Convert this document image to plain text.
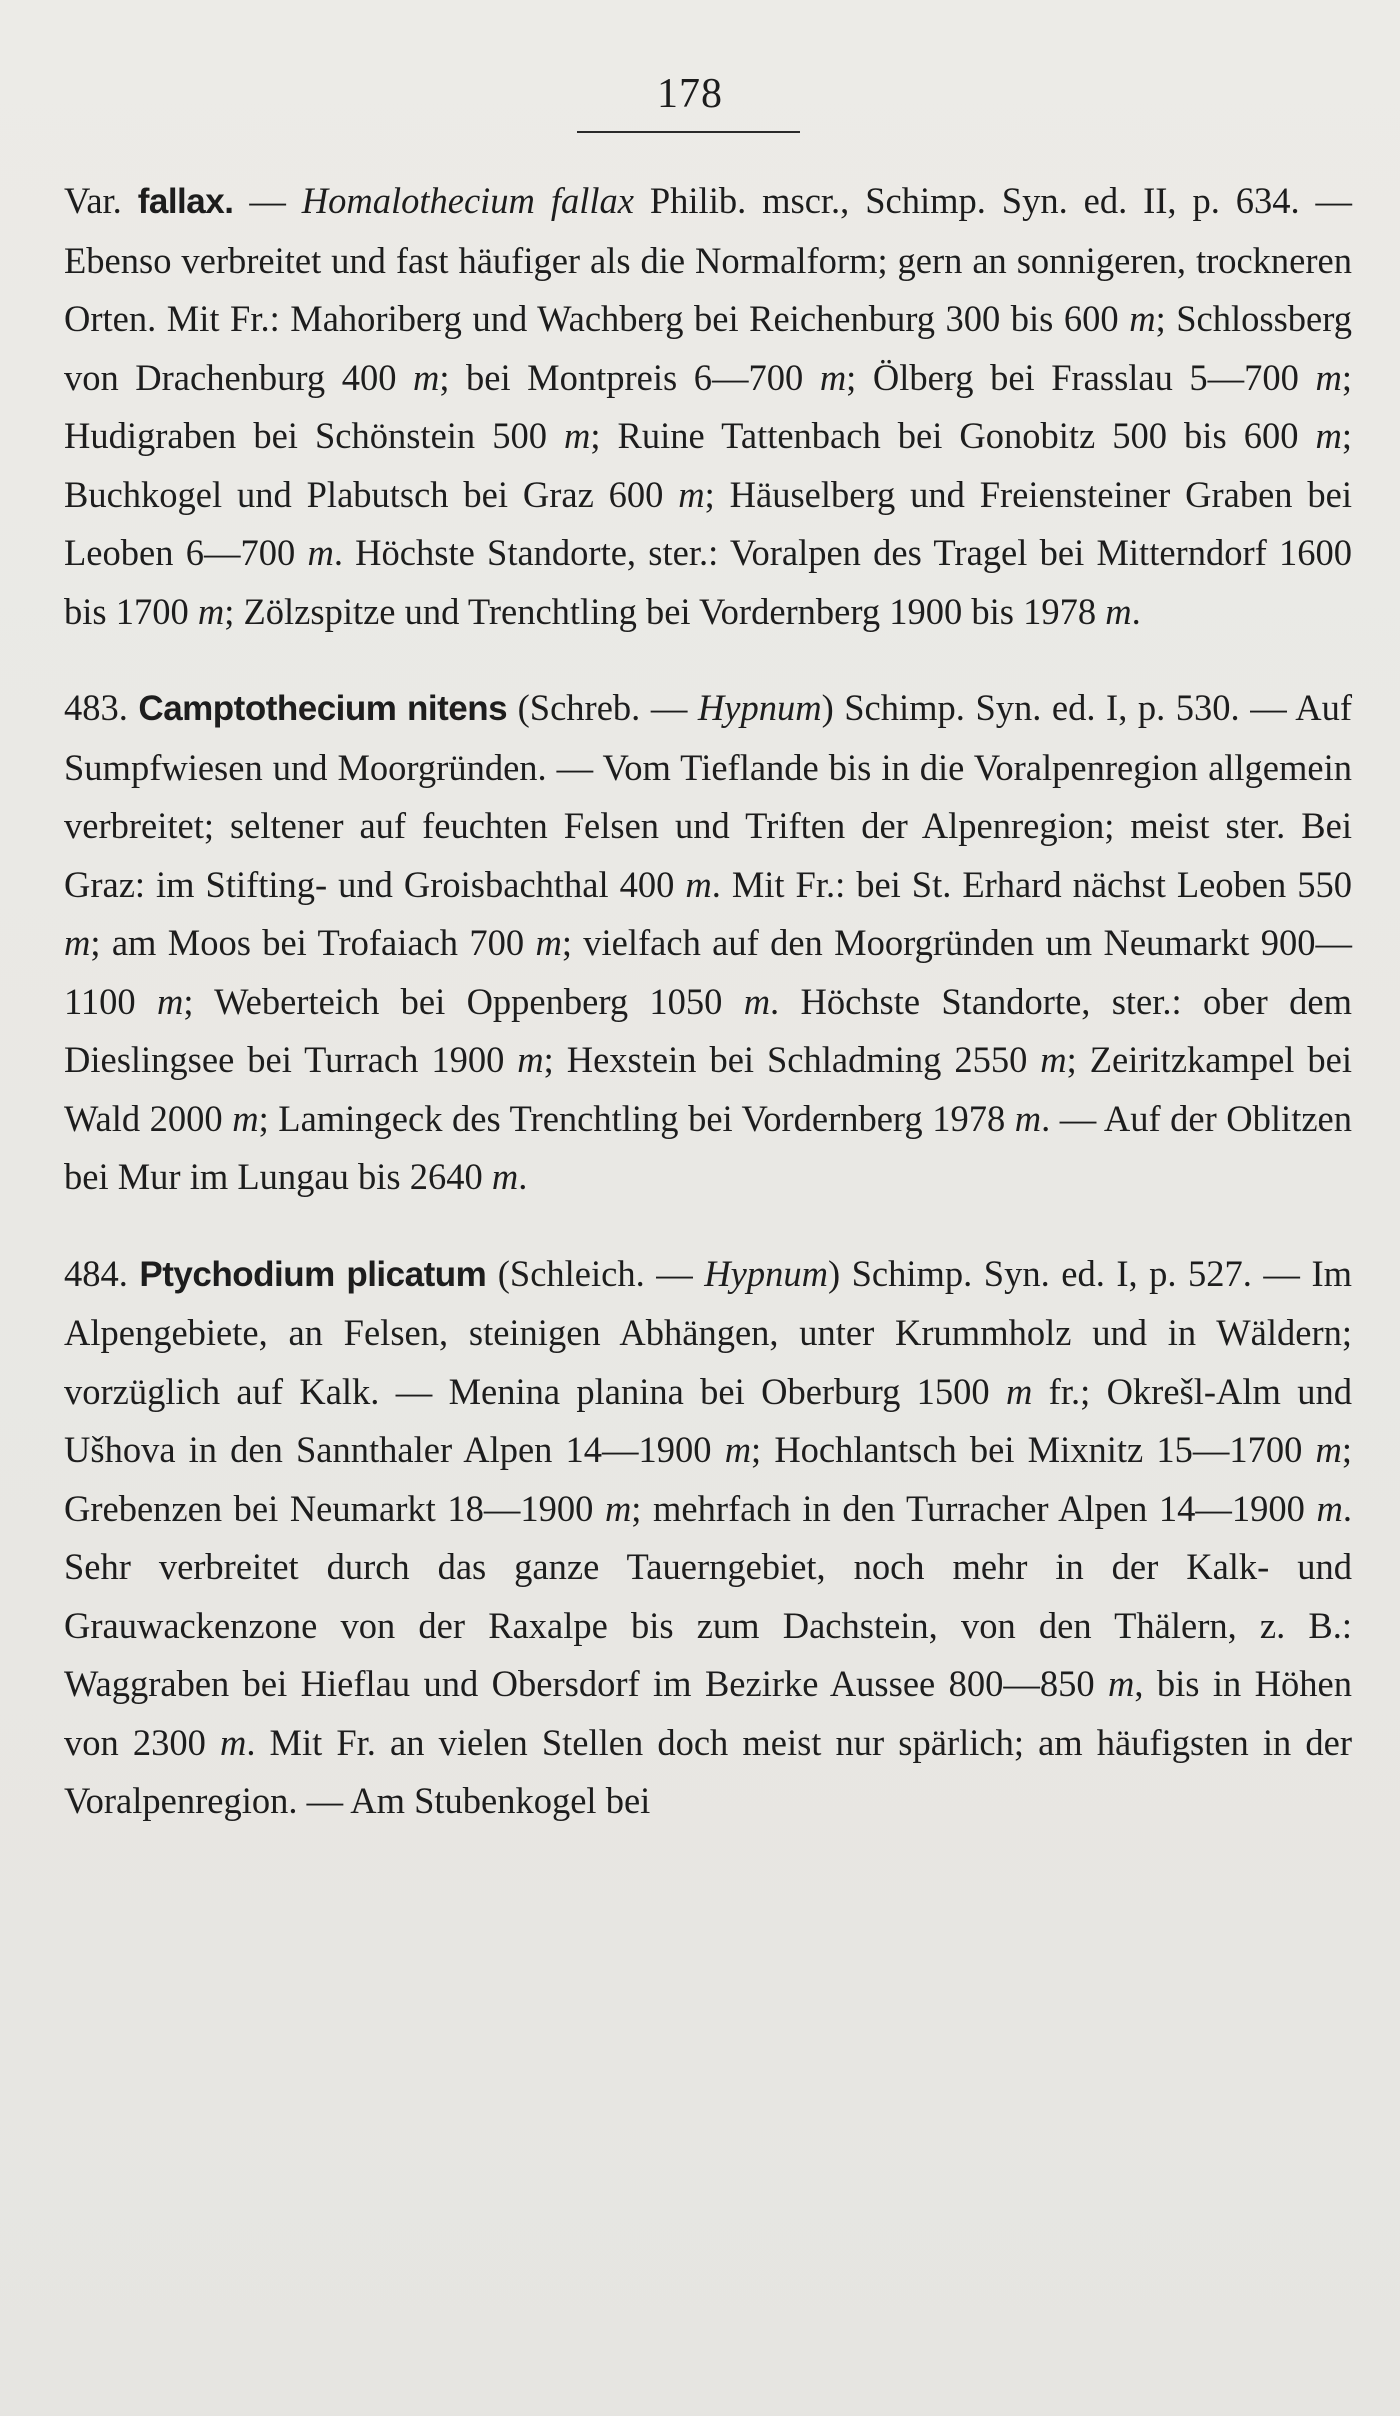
178

Var. fallax. — Homalothecium fallax Philib. mscr., Schimp. Syn. ed. II, p. 634. — Ebenso verbreitet und fast häufiger als die Normalform; gern an sonnigeren, trockneren Orten. Mit Fr.: Mahoriberg und Wachberg bei Reichenburg 300 bis 600 m; Schlossberg von Drachenburg 400 m; bei Montpreis 6—700 m; Ölberg bei Frasslau 5—700 m; Hudigraben bei Schönstein 500 m; Ruine Tattenbach bei Gonobitz 500 bis 600 m; Buchkogel und Plabutsch bei Graz 600 m; Häuselberg und Freiensteiner Graben bei Leoben 6—700 m. Höchste Standorte, ster.: Voralpen des Tragel bei Mitterndorf 1600 bis 1700 m; Zölzspitze und Trenchtling bei Vordernberg 1900 bis 1978 m.

483. Camptothecium nitens (Schreb. — Hypnum) Schimp. Syn. ed. I, p. 530. — Auf Sumpfwiesen und Moorgründen. — Vom Tieflande bis in die Voralpenregion allgemein verbreitet; seltener auf feuchten Felsen und Triften der Alpenregion; meist ster. Bei Graz: im Stifting- und Groisbachthal 400 m. Mit Fr.: bei St. Erhard nächst Leoben 550 m; am Moos bei Trofaiach 700 m; vielfach auf den Moorgründen um Neumarkt 900—1100 m; Weberteich bei Oppenberg 1050 m. Höchste Standorte, ster.: ober dem Dieslingsee bei Turrach 1900 m; Hexstein bei Schladming 2550 m; Zeiritzkampel bei Wald 2000 m; Lamingeck des Trenchtling bei Vordernberg 1978 m. — Auf der Oblitzen bei Mur im Lungau bis 2640 m.

484. Ptychodium plicatum (Schleich. — Hypnum) Schimp. Syn. ed. I, p. 527. — Im Alpengebiete, an Felsen, steinigen Abhängen, unter Krummholz und in Wäldern; vorzüglich auf Kalk. — Menina planina bei Oberburg 1500 m fr.; Okrešl-Alm und Ušhova in den Sannthaler Alpen 14—1900 m; Hochlantsch bei Mixnitz 15—1700 m; Grebenzen bei Neumarkt 18—1900 m; mehrfach in den Turracher Alpen 14—1900 m. Sehr verbreitet durch das ganze Tauerngebiet, noch mehr in der Kalk- und Grauwackenzone von der Raxalpe bis zum Dachstein, von den Thälern, z. B.: Waggraben bei Hieflau und Obersdorf im Bezirke Aussee 800—850 m, bis in Höhen von 2300 m. Mit Fr. an vielen Stellen doch meist nur spärlich; am häufigsten in der Voralpenregion. — Am Stubenkogel bei
